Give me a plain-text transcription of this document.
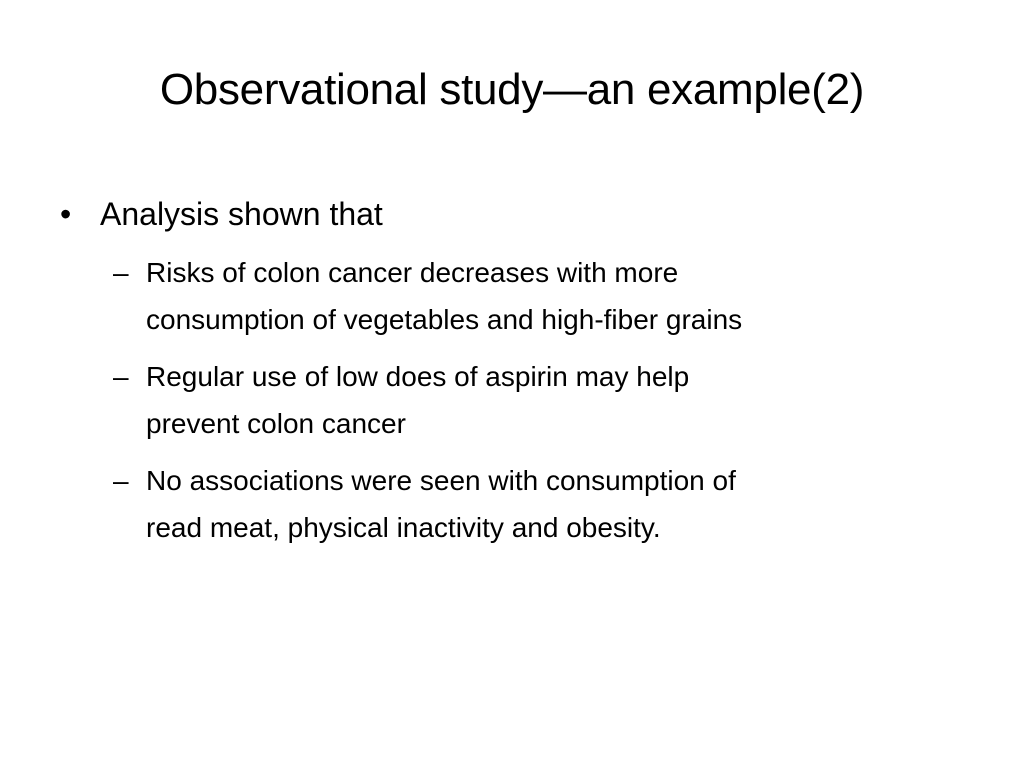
Observational study—an example(2)
• Analysis shown that
– Risks of colon cancer decreases with more
consumption of vegetables and high-fiber grains
– Regular use of low does of aspirin may help
prevent colon cancer
– No associations were seen with consumption of
read meat, physical inactivity and obesity.
